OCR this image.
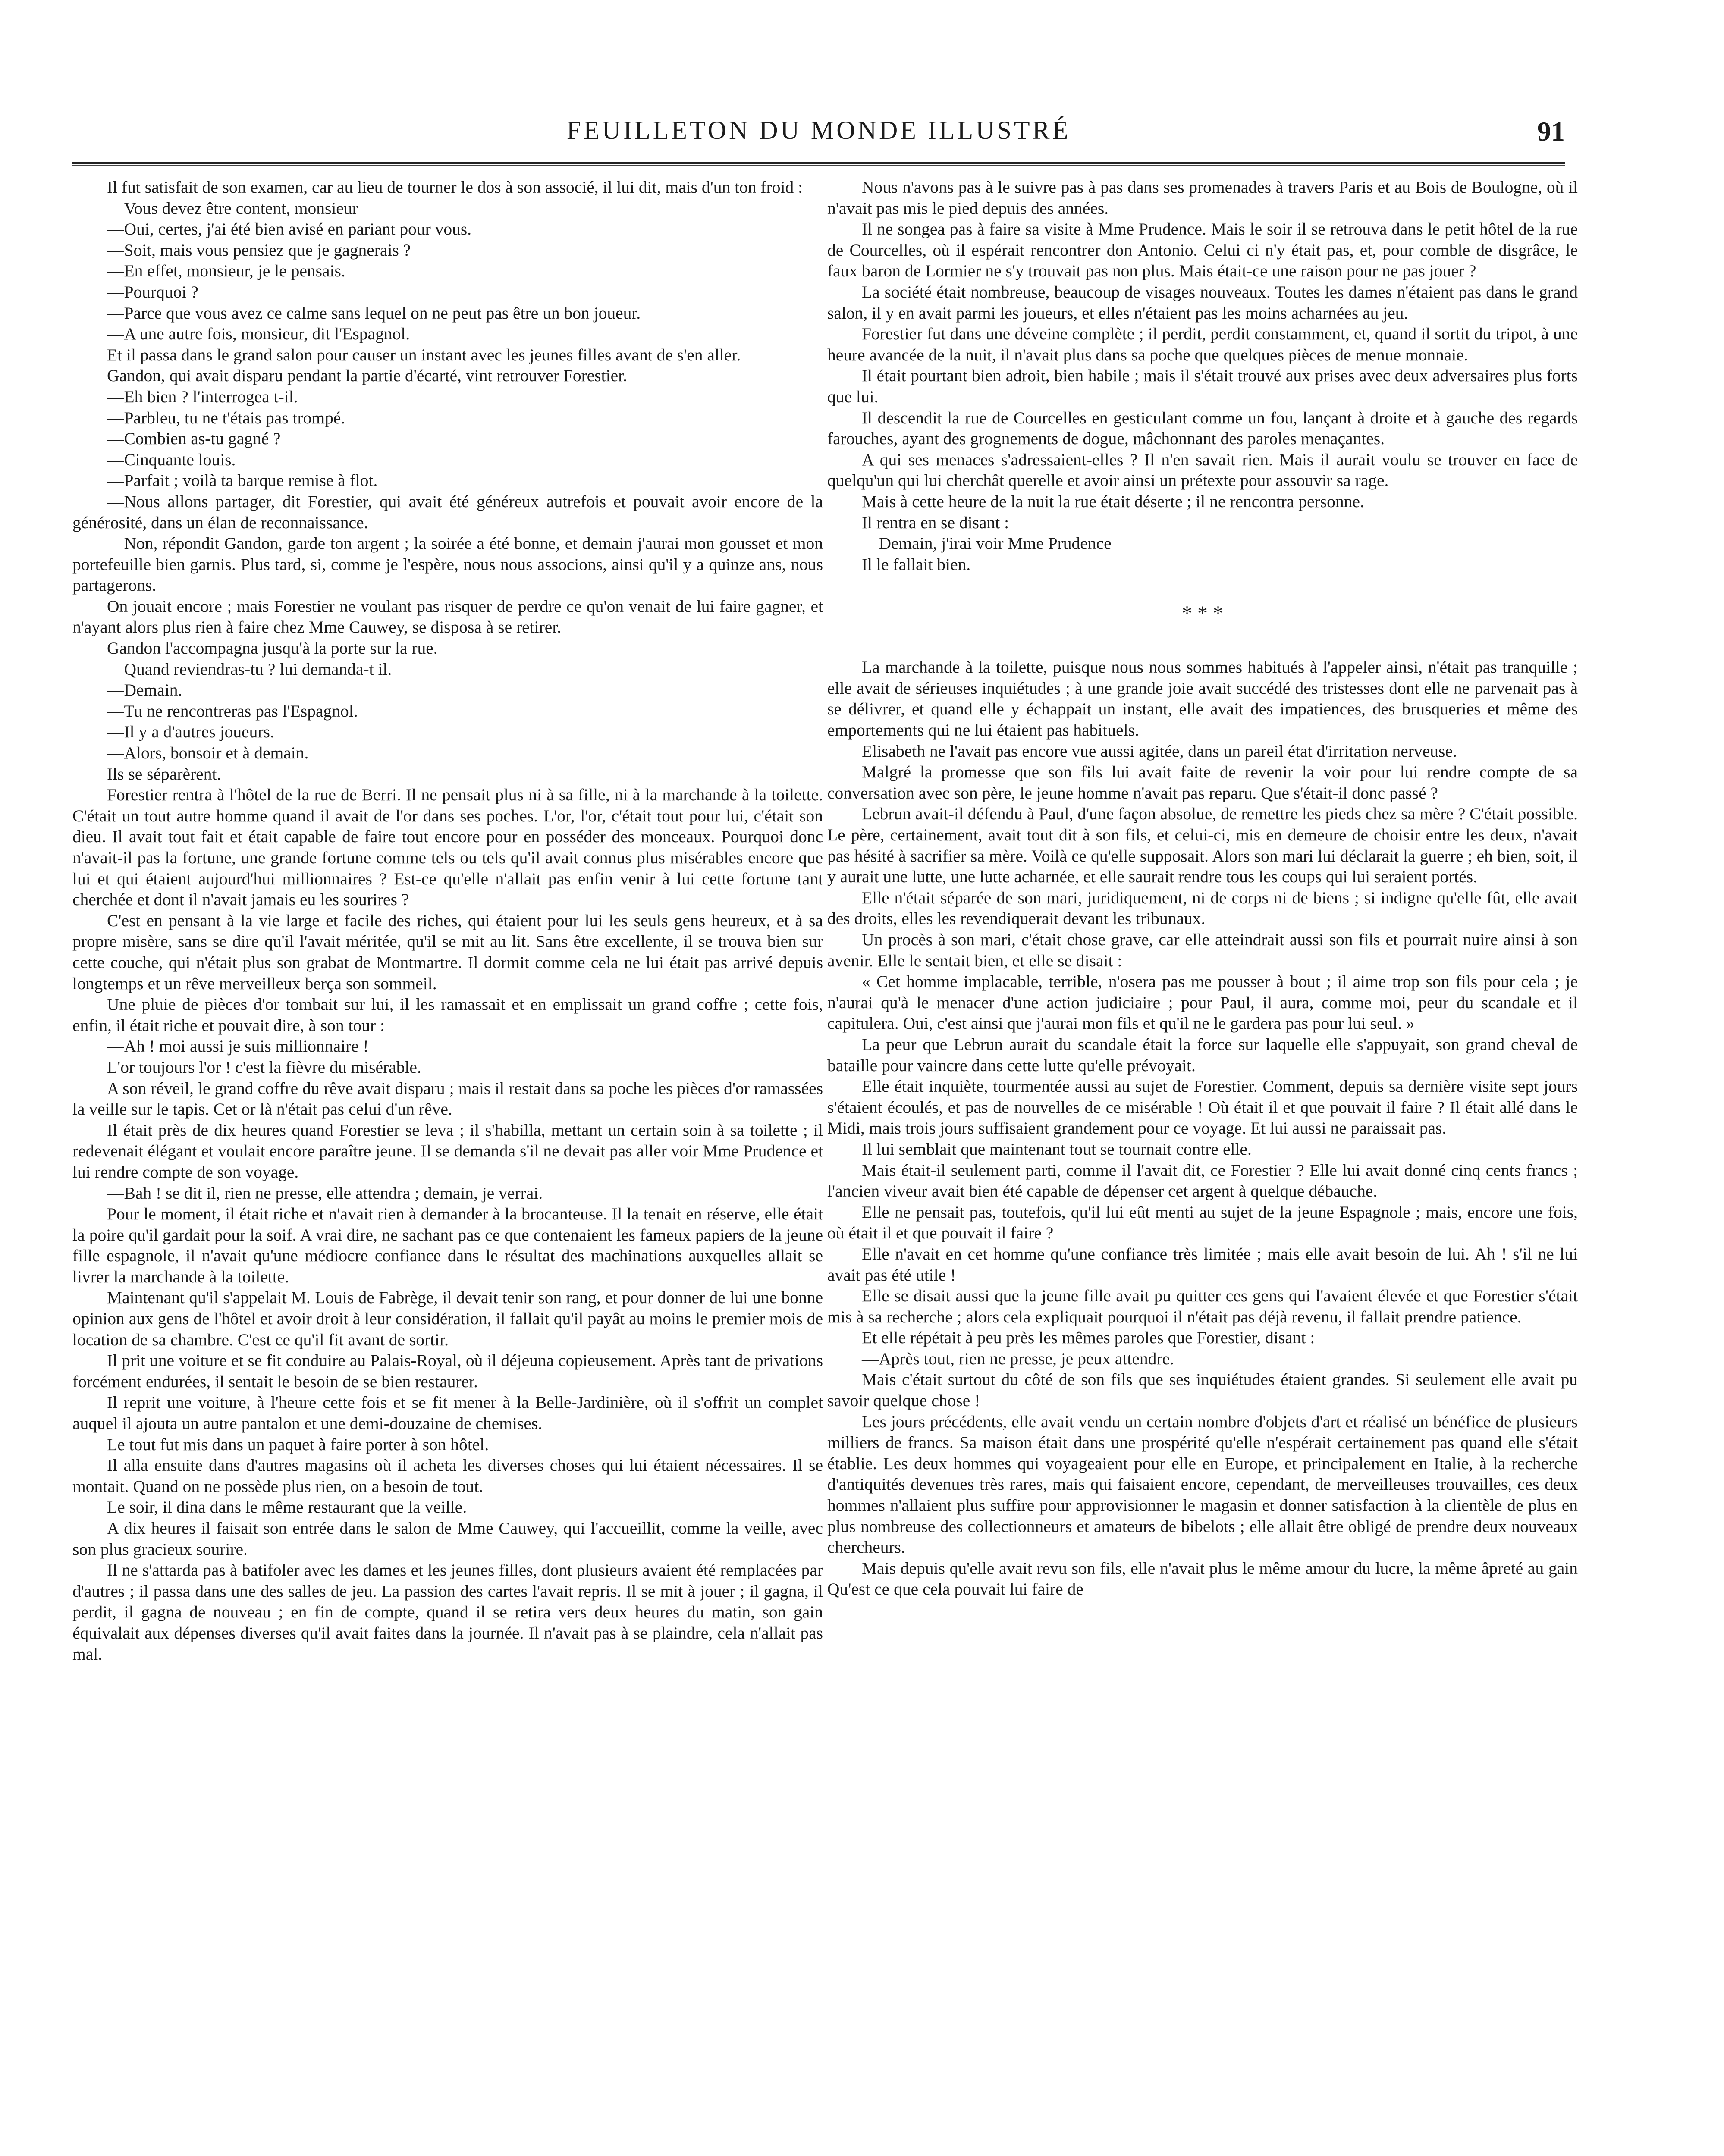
FEUILLETON DU MONDE ILLUSTRÉ	91

Il fut satisfait de son examen, car au lieu de tourner le dos à son associé, il lui dit, mais d'un ton froid :

—Vous devez être content, monsieur

—Oui, certes, j'ai été bien avisé en pariant pour vous.

—Soit, mais vous pensiez que je gagnerais ?

—En effet, monsieur, je le pensais.

—Pourquoi ?

—Parce que vous avez ce calme sans lequel on ne peut pas être un bon joueur.

—A une autre fois, monsieur, dit l'Espagnol.

Et il passa dans le grand salon pour causer un instant avec les jeunes filles avant de s'en aller.

Gandon, qui avait disparu pendant la partie d'écarté, vint retrouver Forestier.

—Eh bien ? l'interrogea t-il.

—Parbleu, tu ne t'étais pas trompé.

—Combien as-tu gagné ?

—Cinquante louis.

—Parfait ; voilà ta barque remise à flot.

—Nous allons partager, dit Forestier, qui avait été généreux autrefois et pouvait avoir encore de la générosité, dans un élan de reconnaissance.

—Non, répondit Gandon, garde ton argent ; la soirée a été bonne, et demain j'aurai mon gousset et mon portefeuille bien garnis. Plus tard, si, comme je l'espère, nous nous associons, ainsi qu'il y a quinze ans, nous partagerons.

On jouait encore ; mais Forestier ne voulant pas risquer de perdre ce qu'on venait de lui faire gagner, et n'ayant alors plus rien à faire chez Mme Cauwey, se disposa à se retirer.

Gandon l'accompagna jusqu'à la porte sur la rue.

—Quand reviendras-tu ? lui demanda-t il.

—Demain.

—Tu ne rencontreras pas l'Espagnol.

—Il y a d'autres joueurs.

—Alors, bonsoir et à demain.

Ils se séparèrent.

Forestier rentra à l'hôtel de la rue de Berri. Il ne pensait plus ni à sa fille, ni à la marchande à la toilette. C'était un tout autre homme quand il avait de l'or dans ses poches. L'or, l'or, c'était tout pour lui, c'était son dieu. Il avait tout fait et était capable de faire tout encore pour en posséder des monceaux. Pourquoi donc n'avait-il pas la fortune, une grande fortune comme tels ou tels qu'il avait connus plus misérables encore que lui et qui étaient aujourd'hui millionnaires ? Est-ce qu'elle n'allait pas enfin venir à lui cette fortune tant cherchée et dont il n'avait jamais eu les sourires ?

C'est en pensant à la vie large et facile des riches, qui étaient pour lui les seuls gens heureux, et à sa propre misère, sans se dire qu'il l'avait méritée, qu'il se mit au lit. Sans être excellente, il se trouva bien sur cette couche, qui n'était plus son grabat de Montmartre. Il dormit comme cela ne lui était pas arrivé depuis longtemps et un rêve merveilleux berça son sommeil.

Une pluie de pièces d'or tombait sur lui, il les ramassait et en emplissait un grand coffre ; cette fois, enfin, il était riche et pouvait dire, à son tour :

—Ah ! moi aussi je suis millionnaire !

L'or toujours l'or ! c'est la fièvre du misérable.

A son réveil, le grand coffre du rêve avait disparu ; mais il restait dans sa poche les pièces d'or ramassées la veille sur le tapis. Cet or là n'était pas celui d'un rêve.

Il était près de dix heures quand Forestier se leva ; il s'habilla, mettant un certain soin à sa toilette ; il redevenait élégant et voulait encore paraître jeune. Il se demanda s'il ne devait pas aller voir Mme Prudence et lui rendre compte de son voyage.

—Bah ! se dit il, rien ne presse, elle attendra ; demain, je verrai.

Pour le moment, il était riche et n'avait rien à demander à la brocanteuse. Il la tenait en réserve, elle était la poire qu'il gardait pour la soif. A vrai dire, ne sachant pas ce que contenaient les fameux papiers de la jeune fille espagnole, il n'avait qu'une médiocre confiance dans le résultat des machinations auxquelles allait se livrer la marchande à la toilette.

Maintenant qu'il s'appelait M. Louis de Fabrège, il devait tenir son rang, et pour donner de lui une bonne opinion aux gens de l'hôtel et avoir droit à leur considération, il fallait qu'il payât au moins le premier mois de location de sa chambre. C'est ce qu'il fit avant de sortir.

Il prit une voiture et se fit conduire au Palais-Royal, où il déjeuna copieusement. Après tant de privations forcément endurées, il sentait le besoin de se bien restaurer.

Il reprit une voiture, à l'heure cette fois et se fit mener à la Belle-Jardinière, où il s'offrit un complet auquel il ajouta un autre pantalon et une demi-douzaine de chemises.

Le tout fut mis dans un paquet à faire porter à son hôtel.

Il alla ensuite dans d'autres magasins où il acheta les diverses choses qui lui étaient nécessaires. Il se montait. Quand on ne possède plus rien, on a besoin de tout.

Le soir, il dina dans le même restaurant que la veille.

A dix heures il faisait son entrée dans le salon de Mme Cauwey, qui l'accueillit, comme la veille, avec son plus gracieux sourire.

Il ne s'attarda pas à batifoler avec les dames et les jeunes filles, dont plusieurs avaient été remplacées par d'autres ; il passa dans une des salles de jeu. La passion des cartes l'avait repris. Il se mit à jouer ; il gagna, il perdit, il gagna de nouveau ; en fin de compte, quand il se retira vers deux heures du matin, son gain équivalait aux dépenses diverses qu'il avait faites dans la journée. Il n'avait pas à se plaindre, cela n'allait pas mal.

Nous n'avons pas à le suivre pas à pas dans ses promenades à travers Paris et au Bois de Boulogne, où il n'avait pas mis le pied depuis des années.

Il ne songea pas à faire sa visite à Mme Prudence. Mais le soir il se retrouva dans le petit hôtel de la rue de Courcelles, où il espérait rencontrer don Antonio. Celui ci n'y était pas, et, pour comble de disgrâce, le faux baron de Lormier ne s'y trouvait pas non plus. Mais était-ce une raison pour ne pas jouer ?

La société était nombreuse, beaucoup de visages nouveaux. Toutes les dames n'étaient pas dans le grand salon, il y en avait parmi les joueurs, et elles n'étaient pas les moins acharnées au jeu.

Forestier fut dans une déveine complète ; il perdit, perdit constamment, et, quand il sortit du tripot, à une heure avancée de la nuit, il n'avait plus dans sa poche que quelques pièces de menue monnaie.

Il était pourtant bien adroit, bien habile ; mais il s'était trouvé aux prises avec deux adversaires plus forts que lui.

Il descendit la rue de Courcelles en gesticulant comme un fou, lançant à droite et à gauche des regards farouches, ayant des grognements de dogue, mâchonnant des paroles menaçantes.

A qui ses menaces s'adressaient-elles ? Il n'en savait rien. Mais il aurait voulu se trouver en face de quelqu'un qui lui cherchât querelle et avoir ainsi un prétexte pour assouvir sa rage.

Mais à cette heure de la nuit la rue était déserte ; il ne rencontra personne.

Il rentra en se disant :

—Demain, j'irai voir Mme Prudence

Il le fallait bien.

* * *

La marchande à la toilette, puisque nous nous sommes habitués à l'appeler ainsi, n'était pas tranquille ; elle avait de sérieuses inquiétudes ; à une grande joie avait succédé des tristesses dont elle ne parvenait pas à se délivrer, et quand elle y échappait un instant, elle avait des impatiences, des brusqueries et même des emportements qui ne lui étaient pas habituels.

Elisabeth ne l'avait pas encore vue aussi agitée, dans un pareil état d'irritation nerveuse.

Malgré la promesse que son fils lui avait faite de revenir la voir pour lui rendre compte de sa conversation avec son père, le jeune homme n'avait pas reparu. Que s'était-il donc passé ?

Lebrun avait-il défendu à Paul, d'une façon absolue, de remettre les pieds chez sa mère ? C'était possible. Le père, certainement, avait tout dit à son fils, et celui-ci, mis en demeure de choisir entre les deux, n'avait pas hésité à sacrifier sa mère. Voilà ce qu'elle supposait. Alors son mari lui déclarait la guerre ; eh bien, soit, il y aurait une lutte, une lutte acharnée, et elle saurait rendre tous les coups qui lui seraient portés.

Elle n'était séparée de son mari, juridiquement, ni de corps ni de biens ; si indigne qu'elle fût, elle avait des droits, elles les revendiquerait devant les tribunaux.

Un procès à son mari, c'était chose grave, car elle atteindrait aussi son fils et pourrait nuire ainsi à son avenir. Elle le sentait bien, et elle se disait :

« Cet homme implacable, terrible, n'osera pas me pousser à bout ; il aime trop son fils pour cela ; je n'aurai qu'à le menacer d'une action judiciaire ; pour Paul, il aura, comme moi, peur du scandale et il capitulera. Oui, c'est ainsi que j'aurai mon fils et qu'il ne le gardera pas pour lui seul. »

La peur que Lebrun aurait du scandale était la force sur laquelle elle s'appuyait, son grand cheval de bataille pour vaincre dans cette lutte qu'elle prévoyait.

Elle était inquiète, tourmentée aussi au sujet de Forestier. Comment, depuis sa dernière visite sept jours s'étaient écoulés, et pas de nouvelles de ce misérable ! Où était il et que pouvait il faire ? Il était allé dans le Midi, mais trois jours suffisaient grandement pour ce voyage. Et lui aussi ne paraissait pas.

Il lui semblait que maintenant tout se tournait contre elle.

Mais était-il seulement parti, comme il l'avait dit, ce Forestier ? Elle lui avait donné cinq cents francs ; l'ancien viveur avait bien été capable de dépenser cet argent à quelque débauche.

Elle ne pensait pas, toutefois, qu'il lui eût menti au sujet de la jeune Espagnole ; mais, encore une fois, où était il et que pouvait il faire ?

Elle n'avait en cet homme qu'une confiance très limitée ; mais elle avait besoin de lui. Ah ! s'il ne lui avait pas été utile !

Elle se disait aussi que la jeune fille avait pu quitter ces gens qui l'avaient élevée et que Forestier s'était mis à sa recherche ; alors cela expliquait pourquoi il n'était pas déjà revenu, il fallait prendre patience.

Et elle répétait à peu près les mêmes paroles que Forestier, disant :

—Après tout, rien ne presse, je peux attendre.

Mais c'était surtout du côté de son fils que ses inquiétudes étaient grandes. Si seulement elle avait pu savoir quelque chose !

Les jours précédents, elle avait vendu un certain nombre d'objets d'art et réalisé un bénéfice de plusieurs milliers de francs. Sa maison était dans une prospérité qu'elle n'espérait certainement pas quand elle s'était établie. Les deux hommes qui voyageaient pour elle en Europe, et principalement en Italie, à la recherche d'antiquités devenues très rares, mais qui faisaient encore, cependant, de merveilleuses trouvailles, ces deux hommes n'allaient plus suffire pour approvisionner le magasin et donner satisfaction à la clientèle de plus en plus nombreuse des collectionneurs et amateurs de bibelots ; elle allait être obligé de prendre deux nouveaux chercheurs.

Mais depuis qu'elle avait revu son fils, elle n'avait plus le même amour du lucre, la même âpreté au gain Qu'est ce que cela pouvait lui faire de
